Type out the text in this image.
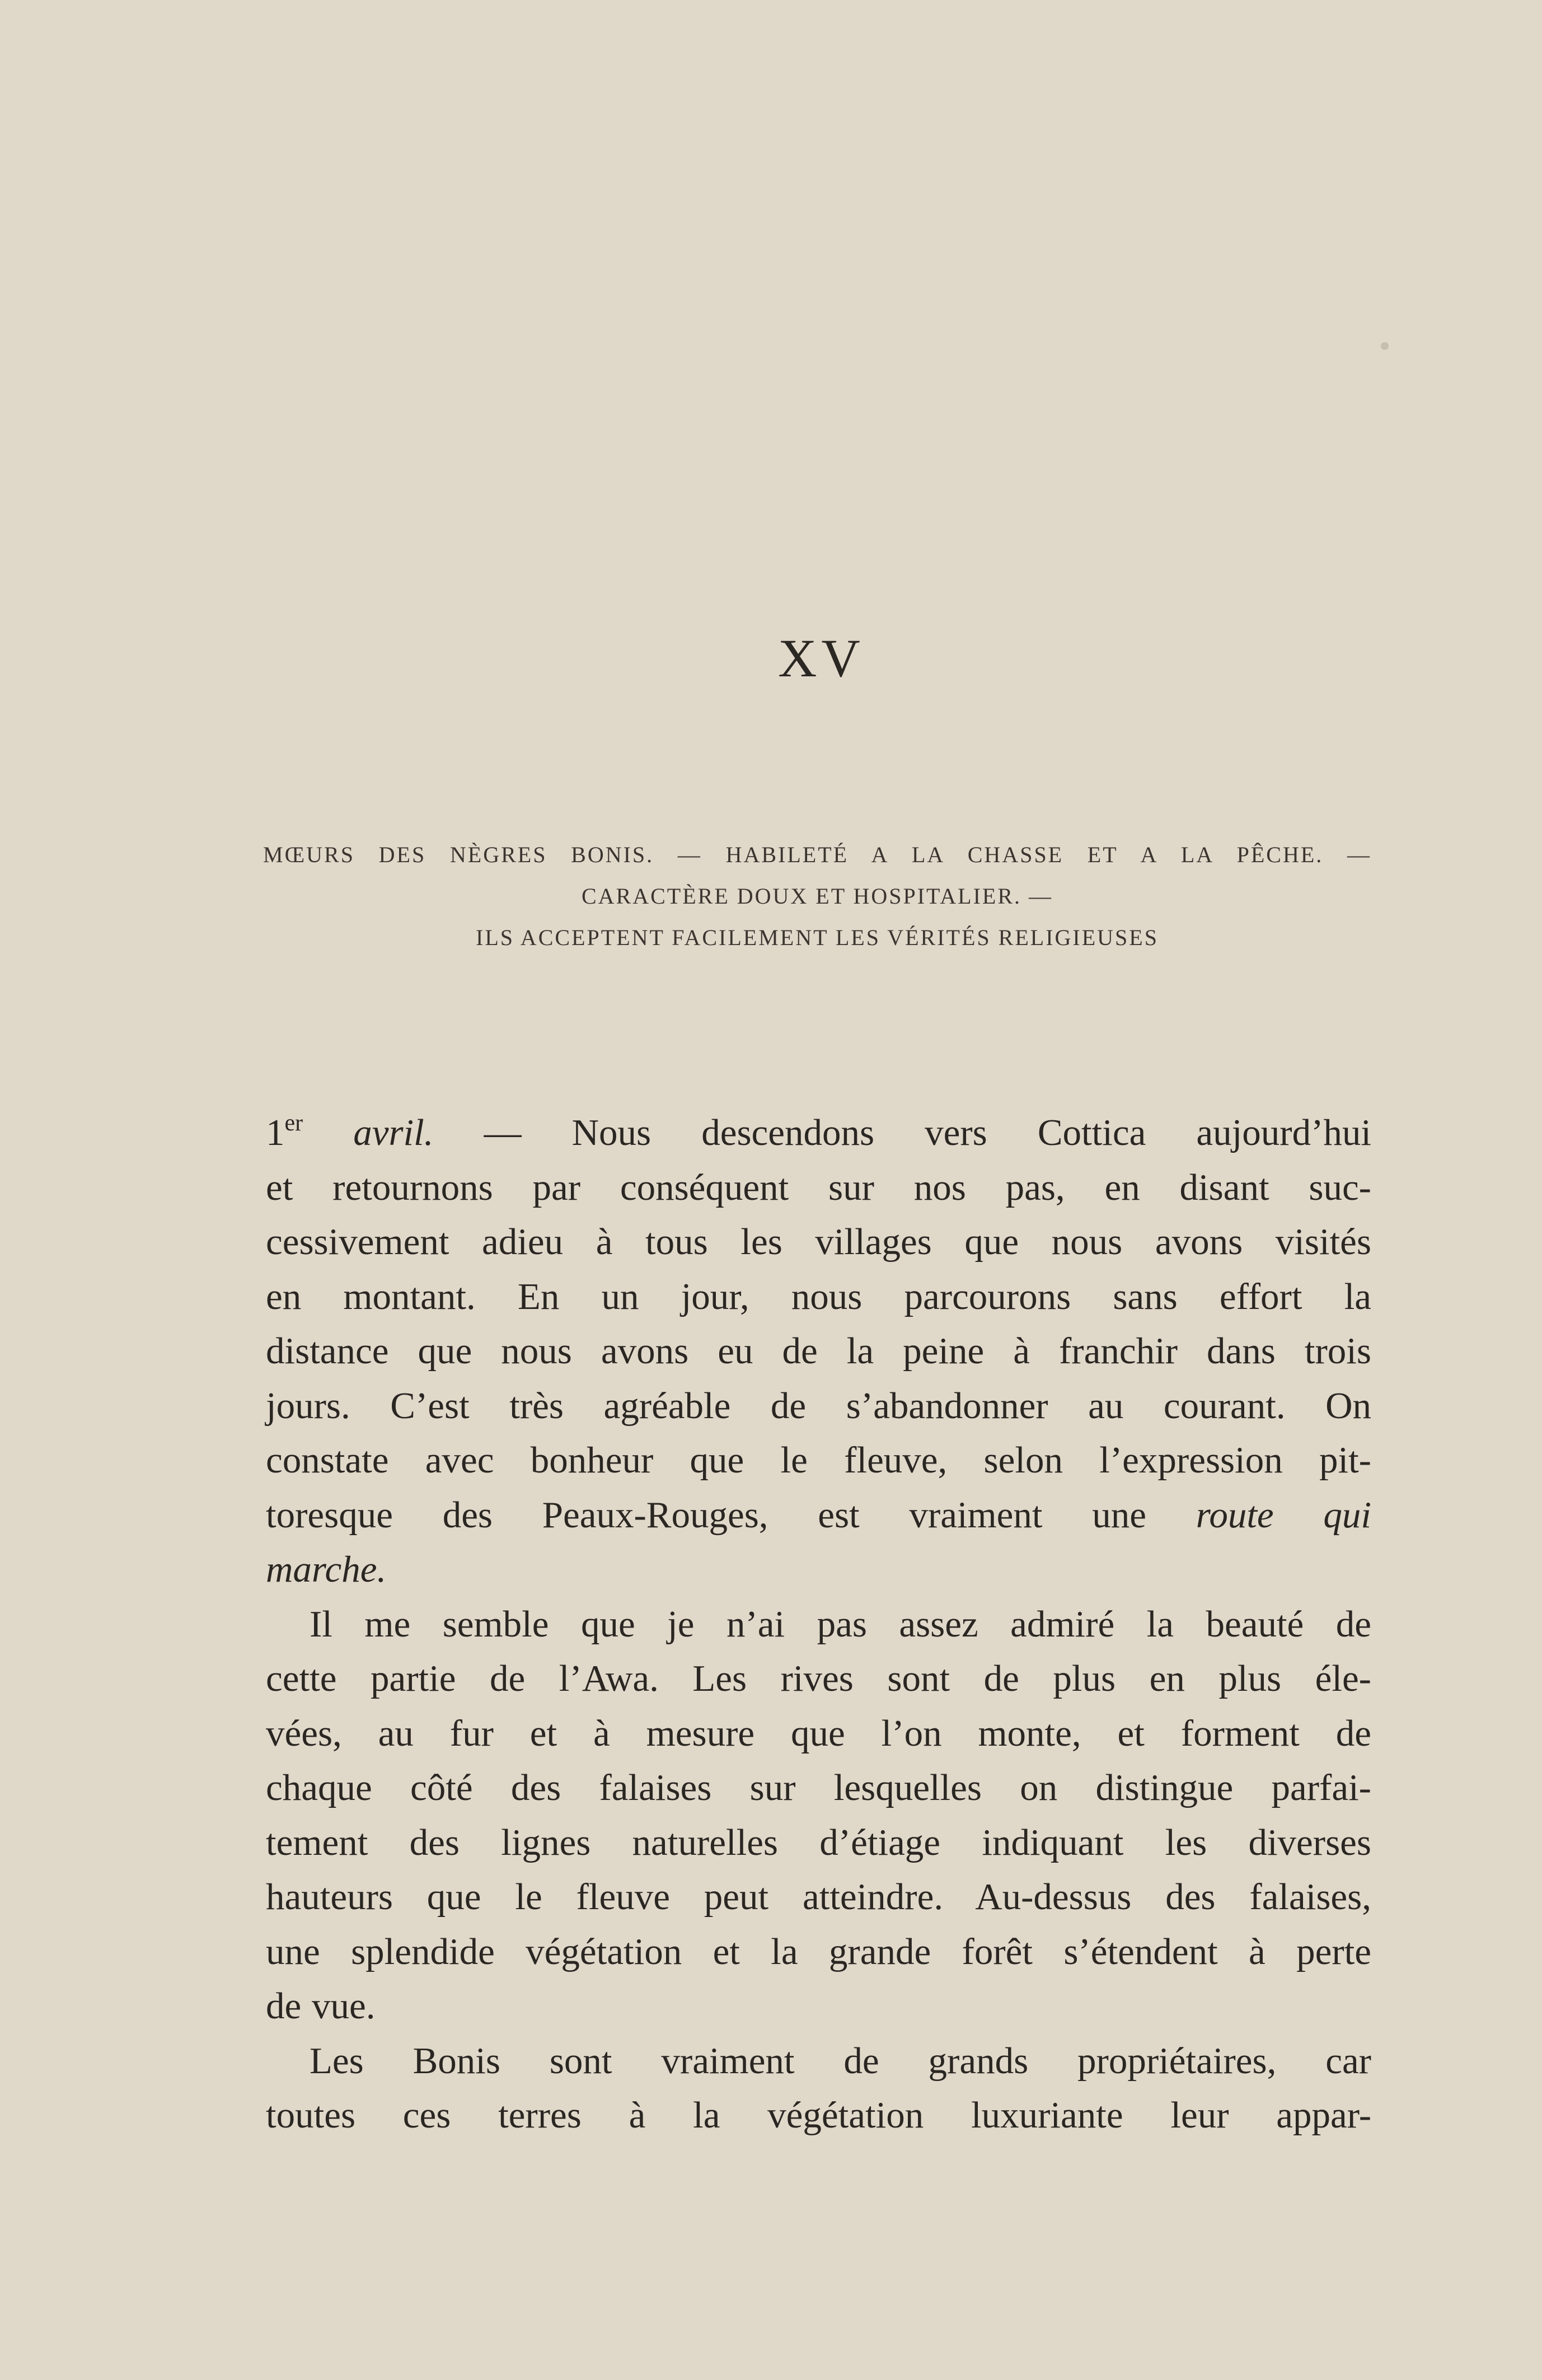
XV
MŒURS DES NÈGRES BONIS. — HABILETÉ A LA CHASSE ET A LA PÊCHE. —
CARACTÈRE DOUX ET HOSPITALIER. —
ILS ACCEPTENT FACILEMENT LES VÉRITÉS RELIGIEUSES
1er avril. — Nous descendons vers Cottica aujourd’hui
et retournons par conséquent sur nos pas, en disant suc-
cessivement adieu à tous les villages que nous avons visités
en montant. En un jour, nous parcourons sans effort la
distance que nous avons eu de la peine à franchir dans trois
jours. C’est très agréable de s’abandonner au courant. On
constate avec bonheur que le fleuve, selon l’expression pit-
toresque des Peaux-Rouges, est vraiment une route qui
marche.
Il me semble que je n’ai pas assez admiré la beauté de
cette partie de l’Awa. Les rives sont de plus en plus éle-
vées, au fur et à mesure que l’on monte, et forment de
chaque côté des falaises sur lesquelles on distingue parfai-
tement des lignes naturelles d’étiage indiquant les diverses
hauteurs que le fleuve peut atteindre. Au-dessus des falaises,
une splendide végétation et la grande forêt s’étendent à perte
de vue.
Les Bonis sont vraiment de grands propriétaires, car
toutes ces terres à la végétation luxuriante leur appar-
